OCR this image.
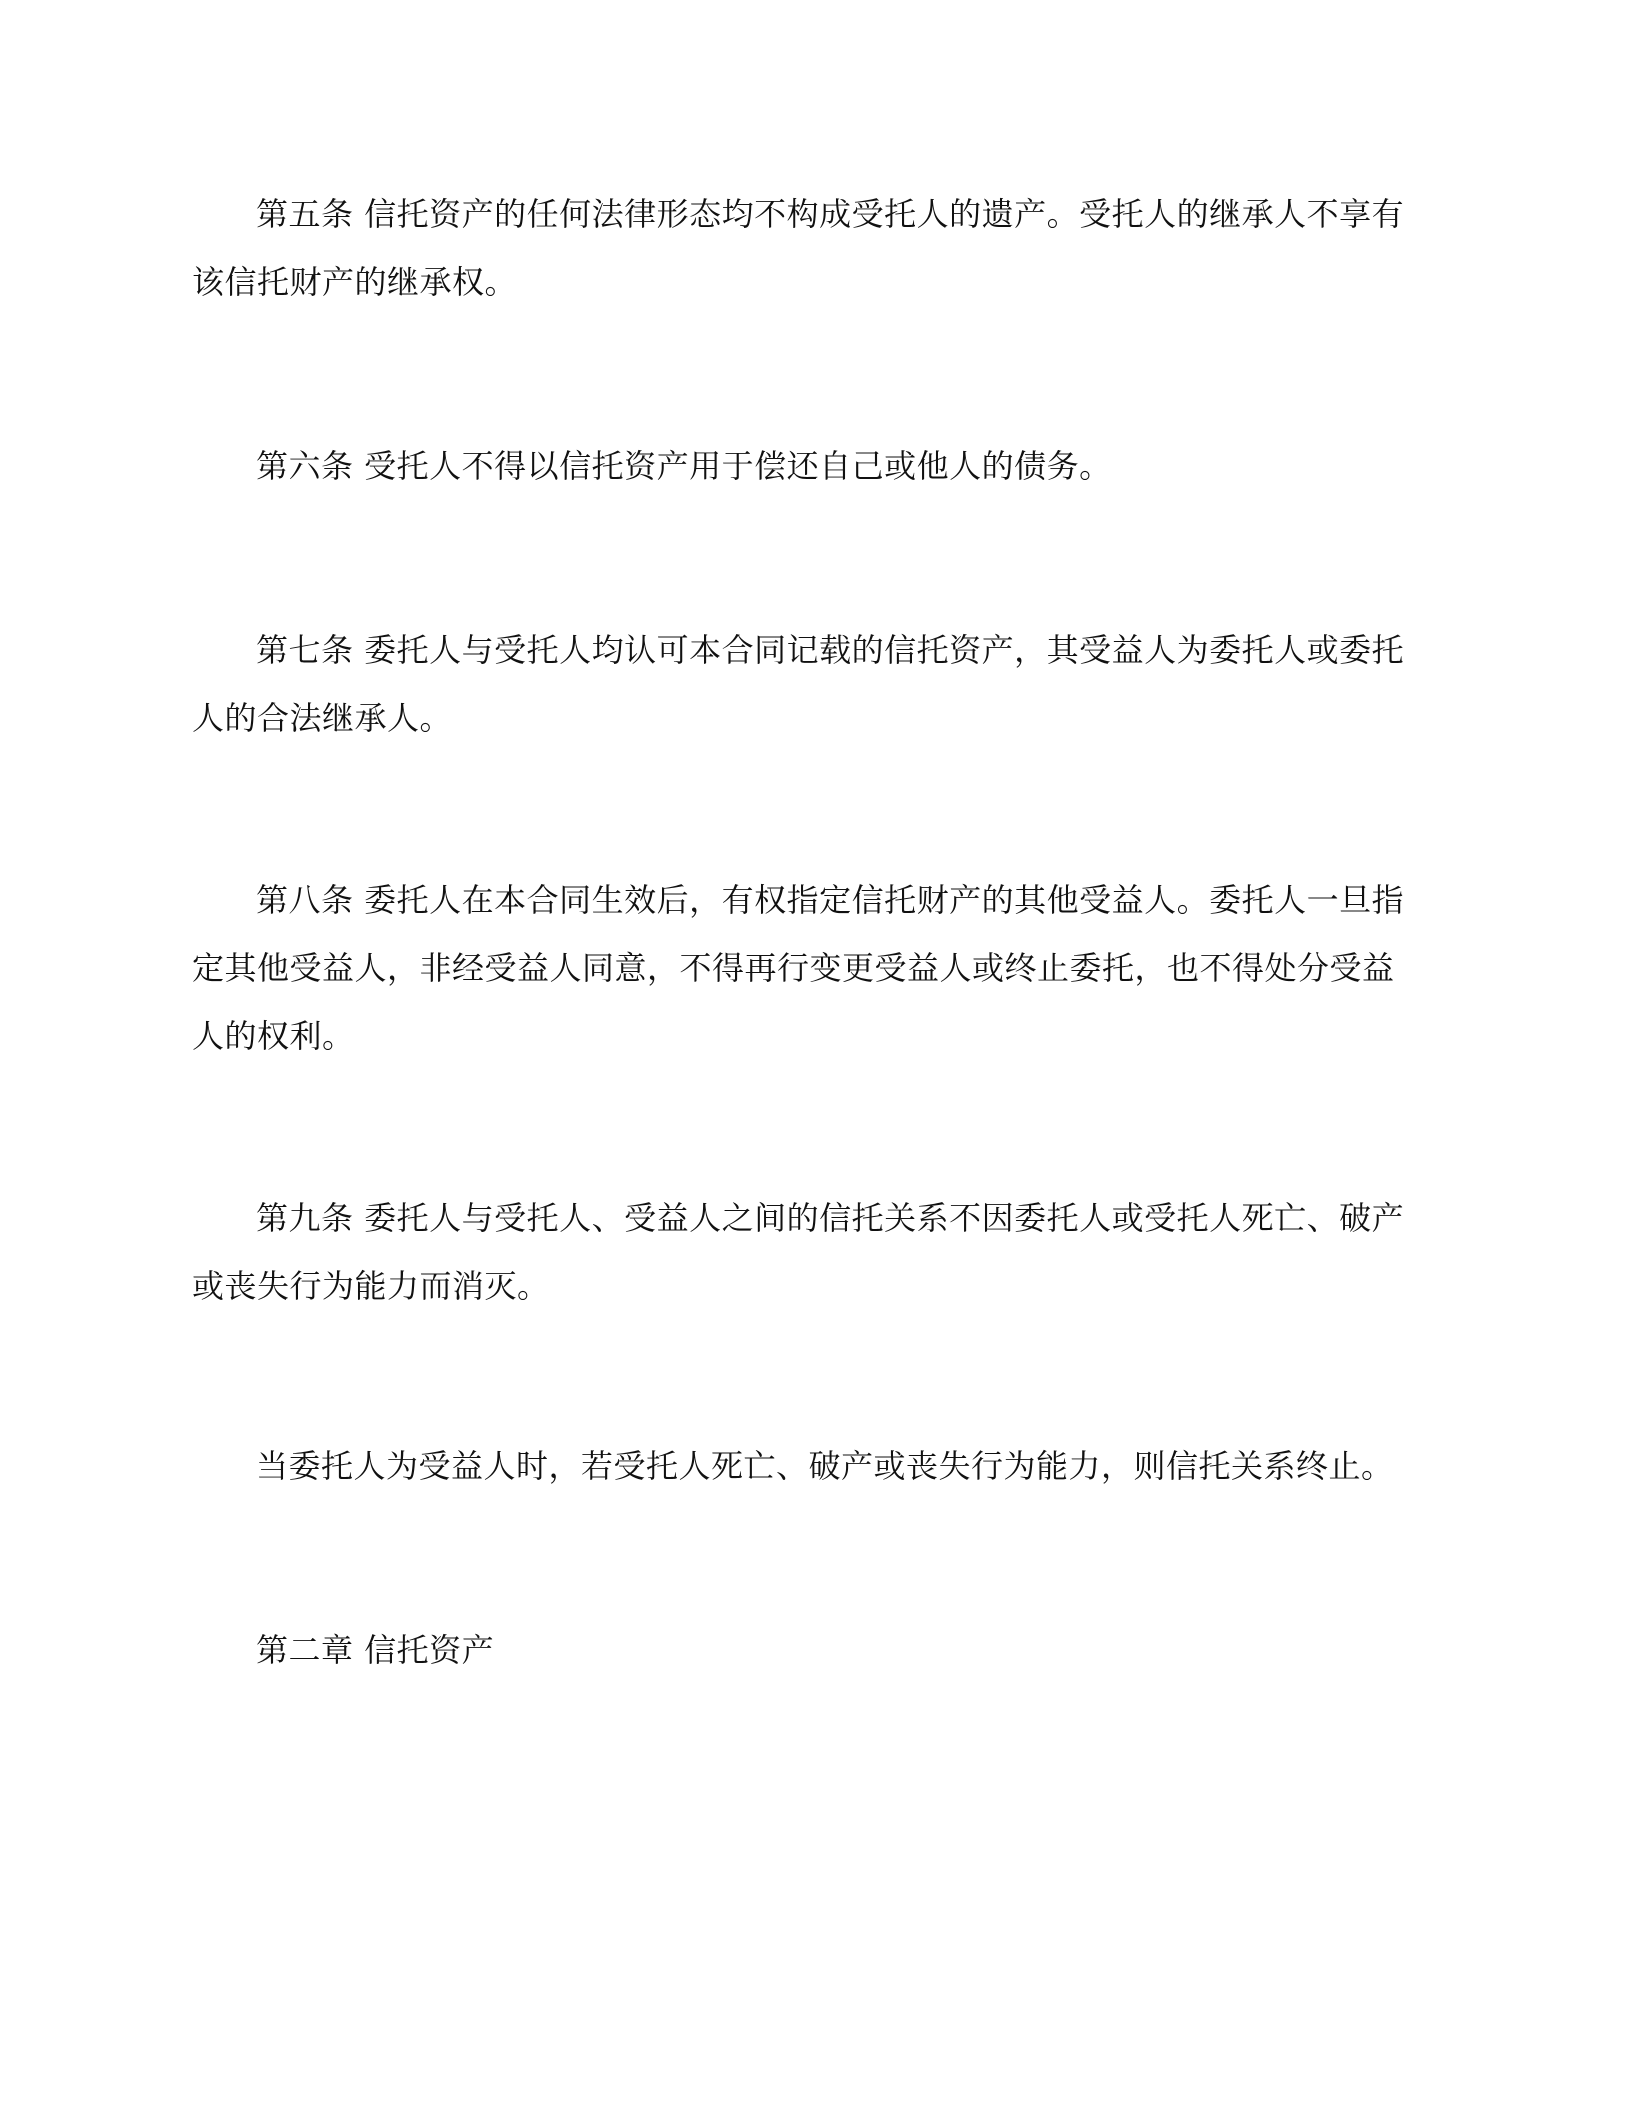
第五条 信托资产的任何法律形态均不构成受托人的遗产。受托人的继承人不享有该信托财产的继承权。

第六条 受托人不得以信托资产用于偿还自己或他人的债务。

第七条 委托人与受托人均认可本合同记载的信托资产，其受益人为委托人或委托人的合法继承人。

第八条 委托人在本合同生效后，有权指定信托财产的其他受益人。委托人一旦指定其他受益人，非经受益人同意，不得再行变更受益人或终止委托，也不得处分受益人的权利。

第九条 委托人与受托人、受益人之间的信托关系不因委托人或受托人死亡、破产或丧失行为能力而消灭。

当委托人为受益人时，若受托人死亡、破产或丧失行为能力，则信托关系终止。

第二章 信托资产
